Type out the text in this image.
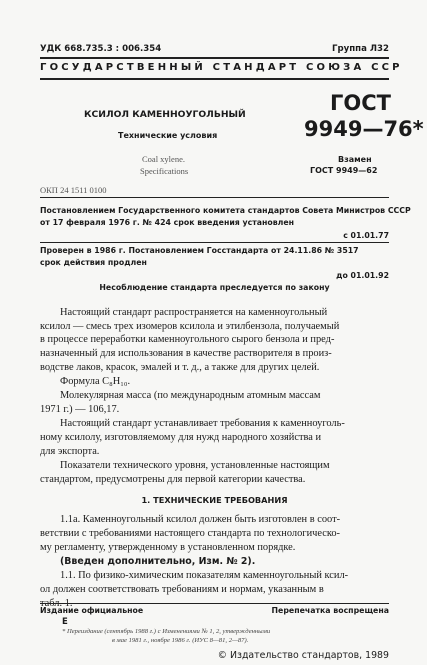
УДК 668.735.3 : 006.354	Группа Л32
ГОСУДАРСТВЕННЫЙ СТАНДАРТ СОЮЗА ССР
КСИЛОЛ КАМЕННОУГОЛЬНЫЙ
Технические условия
Coal xylene.
Specifications
ГОСТ
9949—76*
Взамен
ГОСТ 9949—62
ОКП 24 1511 0100
Постановлением Государственного комитета стандартов Совета Министров СССР
от 17 февраля 1976 г. № 424 срок введения установлен
с 01.01.77
Проверен в 1986 г. Постановлением Госстандарта от 24.11.86 № 3517
срок действия продлен
до 01.01.92
Несоблюдение стандарта преследуется по закону
Настоящий стандарт распространяется на каменноугольный
ксилол — смесь трех изомеров ксилола и этилбензола, получаемый
в процессе переработки каменноугольного сырого бензола и пред-
назначенный для использования в качестве растворителя в произ-
водстве лаков, красок, эмалей и т. д., а также для других целей.
Формула C₈H₁₀.
Молекулярная масса (по международным атомным массам
1971 г.) — 106,17.
Настоящий стандарт устанавливает требования к каменноуголь-
ному ксилолу, изготовляемому для нужд народного хозяйства и
для экспорта.
Показатели технического уровня, установленные настоящим
стандартом, предусмотрены для первой категории качества.
1. ТЕХНИЧЕСКИЕ ТРЕБОВАНИЯ
1.1а. Каменноугольный ксилол должен быть изготовлен в соот-
ветствии с требованиями настоящего стандарта по технологическо-
му регламенту, утвержденному в установленном порядке.
(Введен дополнительно, Изм. № 2).
1.1. По физико-химическим показателям каменноугольный ксил-
ол должен соответствовать требованиям и нормам, указанным в
Издание официальное	Перепечатка воспрещена
Е
* Переиздание (сентябрь 1988 г.) с Изменениями № 1, 2, утвержденными
в мае 1981 г., ноябре 1986 г. (ИУС 8—81, 2—87).
© Издательство стандартов, 1989
